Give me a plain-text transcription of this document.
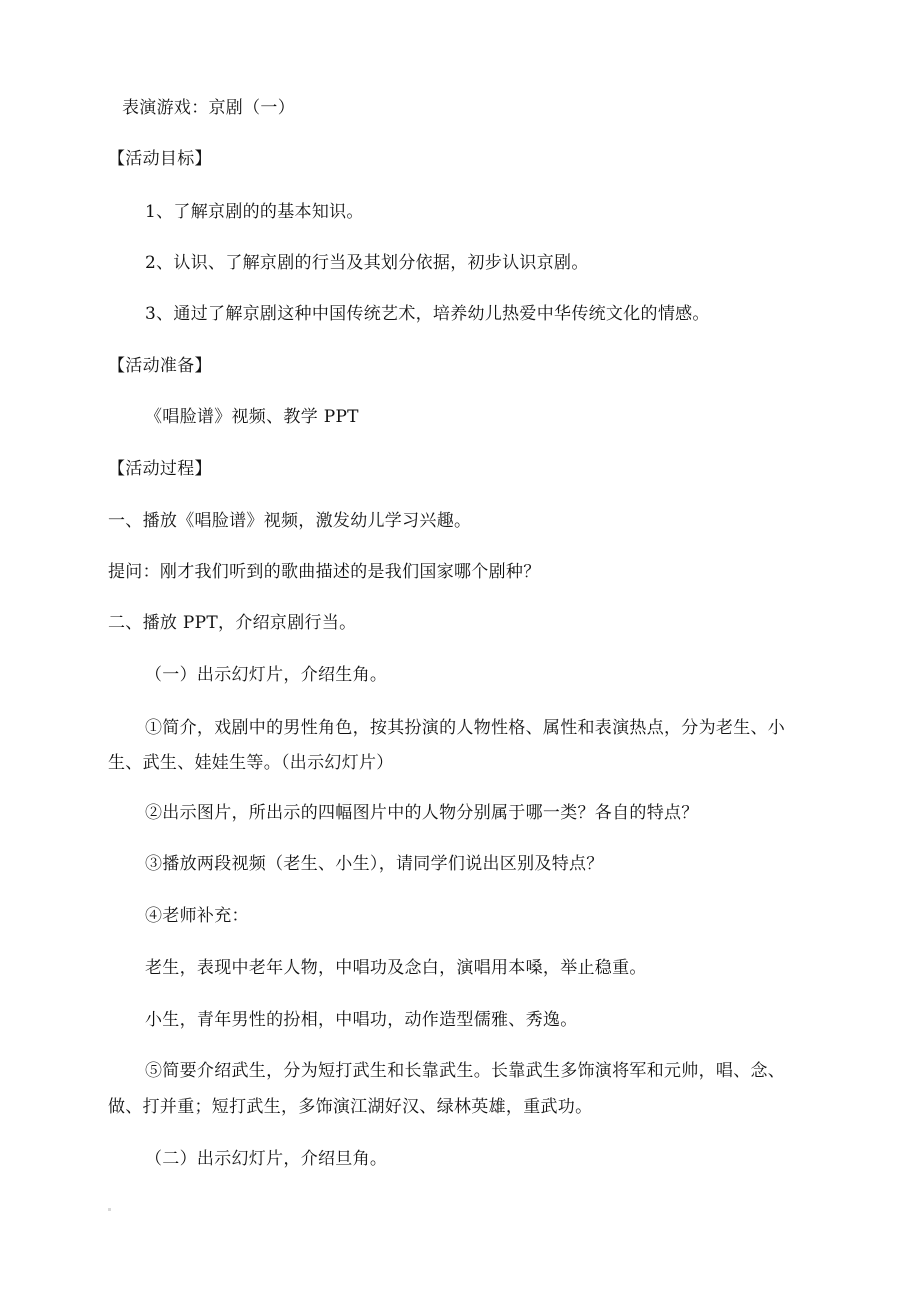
表演游戏：京剧（一）
【活动目标】
1、了解京剧的的基本知识。
2、认识、了解京剧的行当及其划分依据，初步认识京剧。
3、通过了解京剧这种中国传统艺术，培养幼儿热爱中华传统文化的情感。
【活动准备】
《唱脸谱》视频、教学 PPT
【活动过程】
一、播放《唱脸谱》视频，激发幼儿学习兴趣。
提问：刚才我们听到的歌曲描述的是我们国家哪个剧种？
二、播放 PPT，介绍京剧行当。
（一）出示幻灯片，介绍生角。
①简介，戏剧中的男性角色，按其扮演的人物性格、属性和表演热点，分为老生、小
生、武生、娃娃生等。（出示幻灯片）
②出示图片，所出示的四幅图片中的人物分别属于哪一类？各自的特点？
③播放两段视频（老生、小生），请同学们说出区别及特点？
④老师补充：
老生，表现中老年人物，中唱功及念白，演唱用本嗓，举止稳重。
小生，青年男性的扮相，中唱功，动作造型儒雅、秀逸。
⑤简要介绍武生，分为短打武生和长靠武生。长靠武生多饰演将军和元帅，唱、念、
做、打并重；短打武生，多饰演江湖好汉、绿林英雄，重武功。
（二）出示幻灯片，介绍旦角。
